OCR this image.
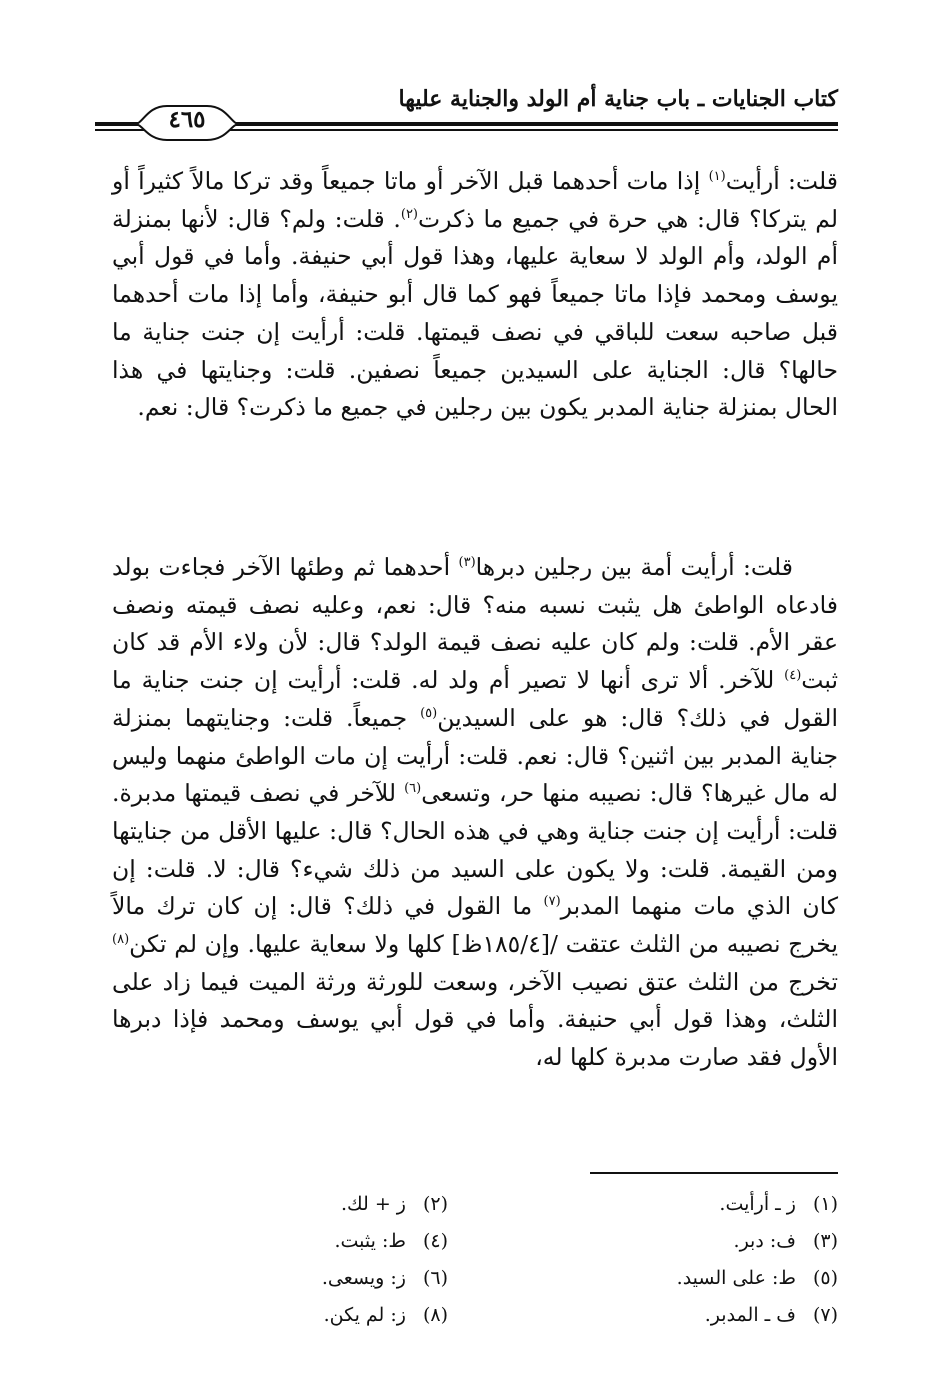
كتاب الجنايات ـ باب جناية أم الولد والجناية عليها
٤٦٥

قلت: أرأيت$^{(١)}$ إذا مات أحدهما قبل الآخر أو ماتا جميعاً وقد تركا مالاً كثيراً أو لم يتركا؟ قال: هي حرة في جميع ما ذكرت$^{(٢)}$. قلت: ولم؟ قال: لأنها بمنزلة أم الولد، وأم الولد لا سعاية عليها، وهذا قول أبي حنيفة. وأما في قول أبي يوسف ومحمد فإذا ماتا جميعاً فهو كما قال أبو حنيفة، وأما إذا مات أحدهما قبل صاحبه سعت للباقي في نصف قيمتها. قلت: أرأيت إن جنت جناية ما حالها؟ قال: الجناية على السيدين جميعاً نصفين. قلت: وجنايتها في هذا الحال بمنزلة جناية المدبر يكون بين رجلين في جميع ما ذكرت؟ قال: نعم.

قلت: أرأيت أمة بين رجلين دبرها$^{(٣)}$ أحدهما ثم وطئها الآخر فجاءت بولد فادعاه الواطئ هل يثبت نسبه منه؟ قال: نعم، وعليه نصف قيمته ونصف عقر الأم. قلت: ولم كان عليه نصف قيمة الولد؟ قال: لأن ولاء الأم قد كان ثبت$^{(٤)}$ للآخر. ألا ترى أنها لا تصير أم ولد له. قلت: أرأيت إن جنت جناية ما القول في ذلك؟ قال: هو على السيدين$^{(٥)}$ جميعاً. قلت: وجنايتهما بمنزلة جناية المدبر بين اثنين؟ قال: نعم. قلت: أرأيت إن مات الواطئ منهما وليس له مال غيرها؟ قال: نصيبه منها حر، وتسعى$^{(٦)}$ للآخر في نصف قيمتها مدبرة. قلت: أرأيت إن جنت جناية وهي في هذه الحال؟ قال: عليها الأقل من جنايتها ومن القيمة. قلت: ولا يكون على السيد من ذلك شيء؟ قال: لا. قلت: إن كان الذي مات منهما المدبر$^{(٧)}$ ما القول في ذلك؟ قال: إن كان ترك مالاً يخرج نصيبه من الثلث عتقت /[١٨٥/٤ظ] كلها ولا سعاية عليها. وإن لم تكن$^{(٨)}$ تخرج من الثلث عتق نصيب الآخر، وسعت للورثة ورثة الميت فيما زاد على الثلث، وهذا قول أبي حنيفة. وأما في قول أبي يوسف ومحمد فإذا دبرها الأول فقد صارت مدبرة كلها له،

(١) ز ـ أرأيت.
(٢) ز + لك.
(٣) ف: دبر.
(٤) ط: يثبت.
(٥) ط: على السيد.
(٦) ز: ويسعى.
(٧) ف ـ المدبر.
(٨) ز: لم يكن.
